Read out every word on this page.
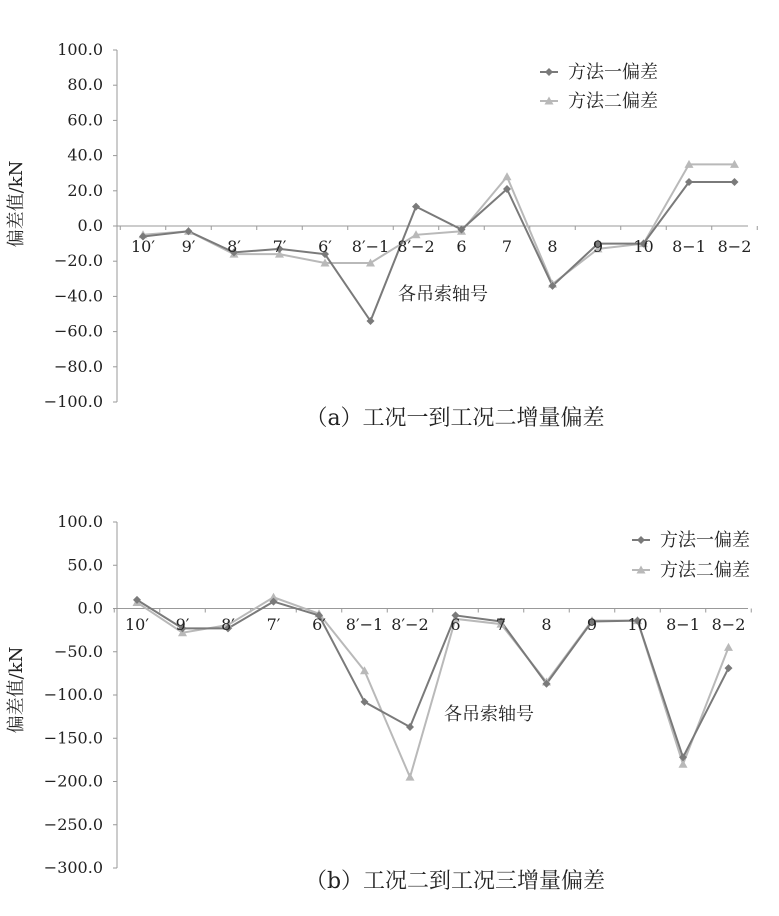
100.0
80.0
60.0
40.0
20.0
0.0
−20.0
−40.0
−60.0
−80.0
−100.0
10′ 9′ 8′ 7′ 6′ 8′−1 8′−2 6 7 8 9 10 8−1 8−2
各吊索轴号
偏差值/kN
（a）工况一到工况二增量偏差
方法一偏差
方法二偏差
100.0
50.0
0.0
−50.0
−100.0
−150.0
−200.0
−250.0
−300.0
10′ 9′ 8′ 7′ 6′ 8′−1 8′−2 6 7 8 9 10 8−1 8−2
各吊索轴号
偏差值/kN
（b）工况二到工况三增量偏差
方法一偏差
方法二偏差
